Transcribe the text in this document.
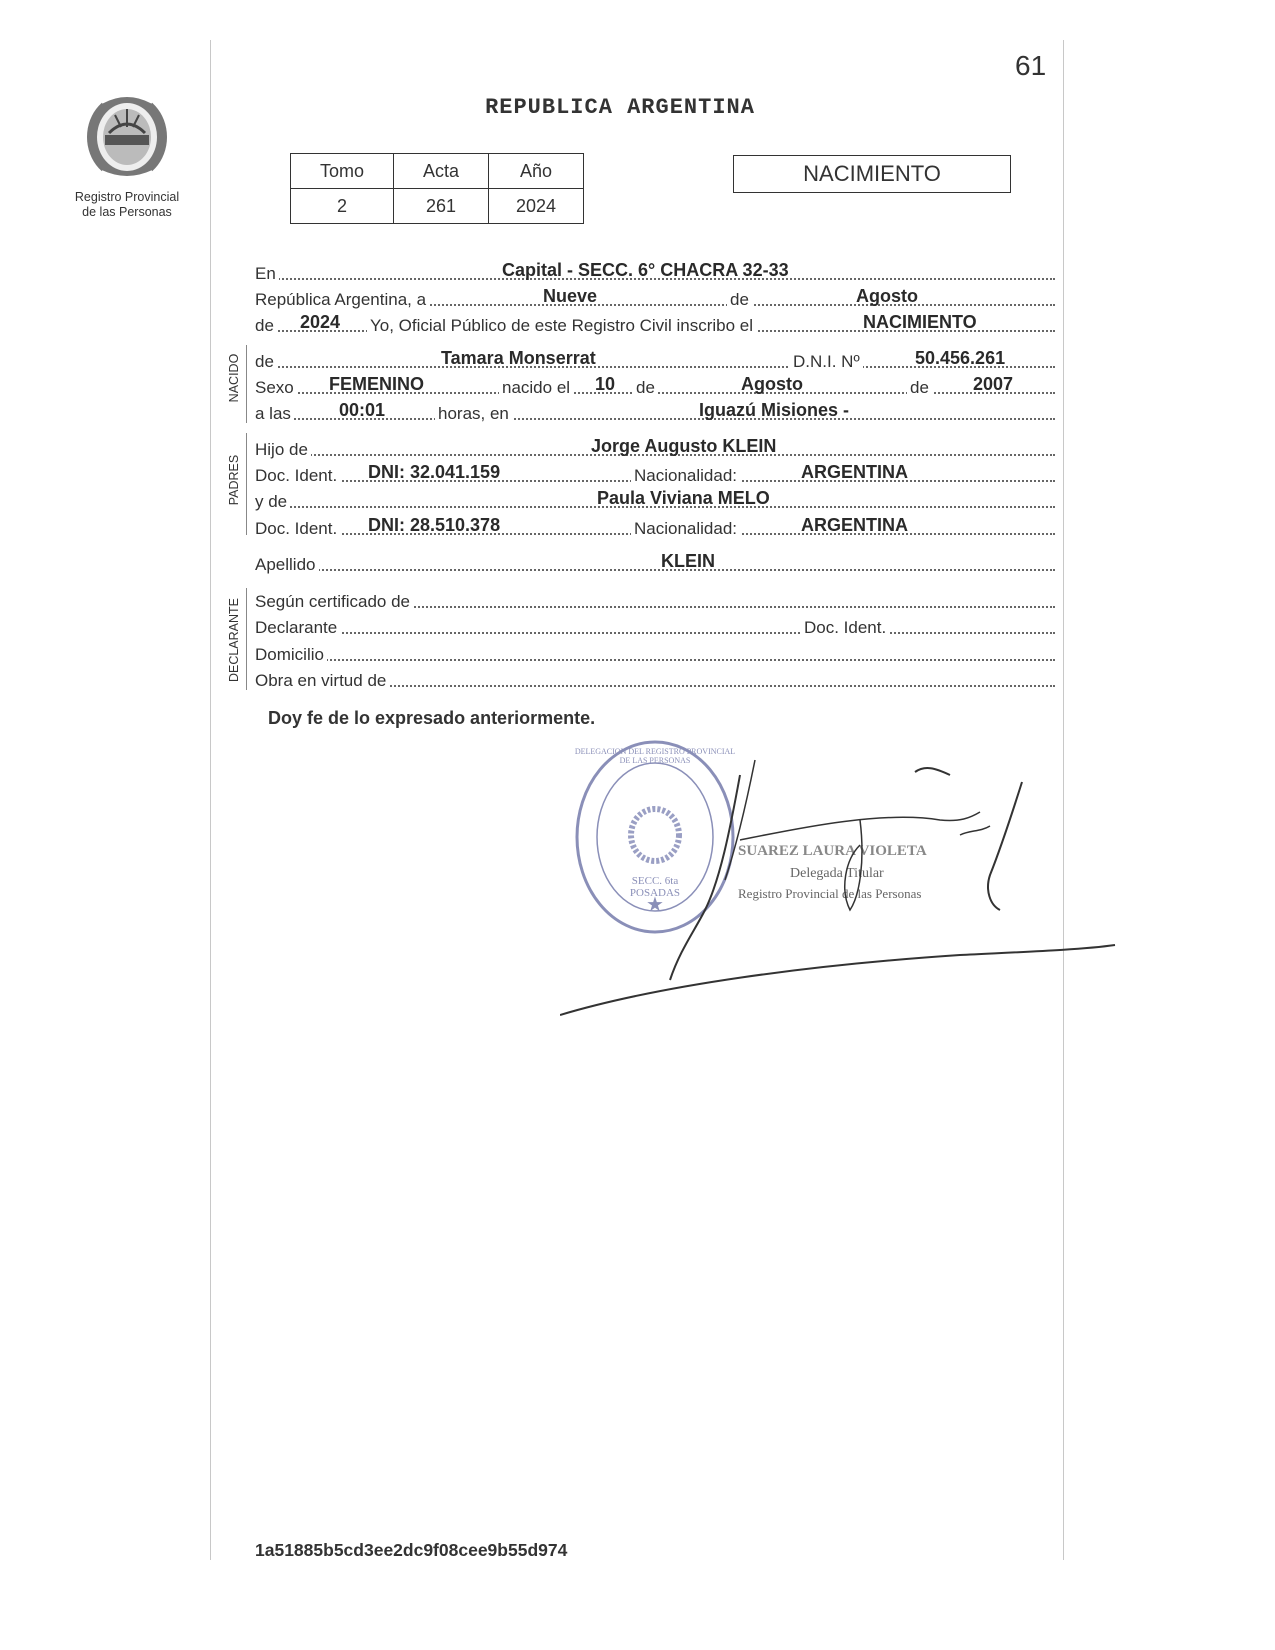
Registro Provincial
de las Personas
61
REPUBLICA ARGENTINA
Tomo	Acta	Año
2	261	2024
NACIMIENTO
NACIDO
PADRES
DECLARANTE
En	Capital - SECC. 6° CHACRA 32-33
República Argentina, a	Nueve	de	Agosto
de 2024 Yo, Oficial Público de este Registro Civil inscribo el	NACIMIENTO
de	Tamara Monserrat	D.N.I. Nº	50.456.261
Sexo FEMENINO	nacido el 10 de	Agosto	de 2007
a las	00:01	horas, en	Iguazú Misiones -
Hijo de	Jorge Augusto KLEIN
Doc. Ident. DNI: 32.041.159	Nacionalidad:	ARGENTINA
y de	Paula Viviana MELO
Doc. Ident. DNI: 28.510.378	Nacionalidad:	ARGENTINA
Apellido	KLEIN
Según certificado de
Declarante	Doc. Ident.
Domicilio
Obra en virtud de
Doy fe de lo expresado anteriormente.
★
DELEGACION DEL REGISTRO PROVINCIAL DE LAS PERSONAS
SECC. 6ta POSADAS
SUAREZ LAURA VIOLETA
Delegada Titular
Registro Provincial de las Personas
1a51885b5cd3ee2dc9f08cee9b55d974
